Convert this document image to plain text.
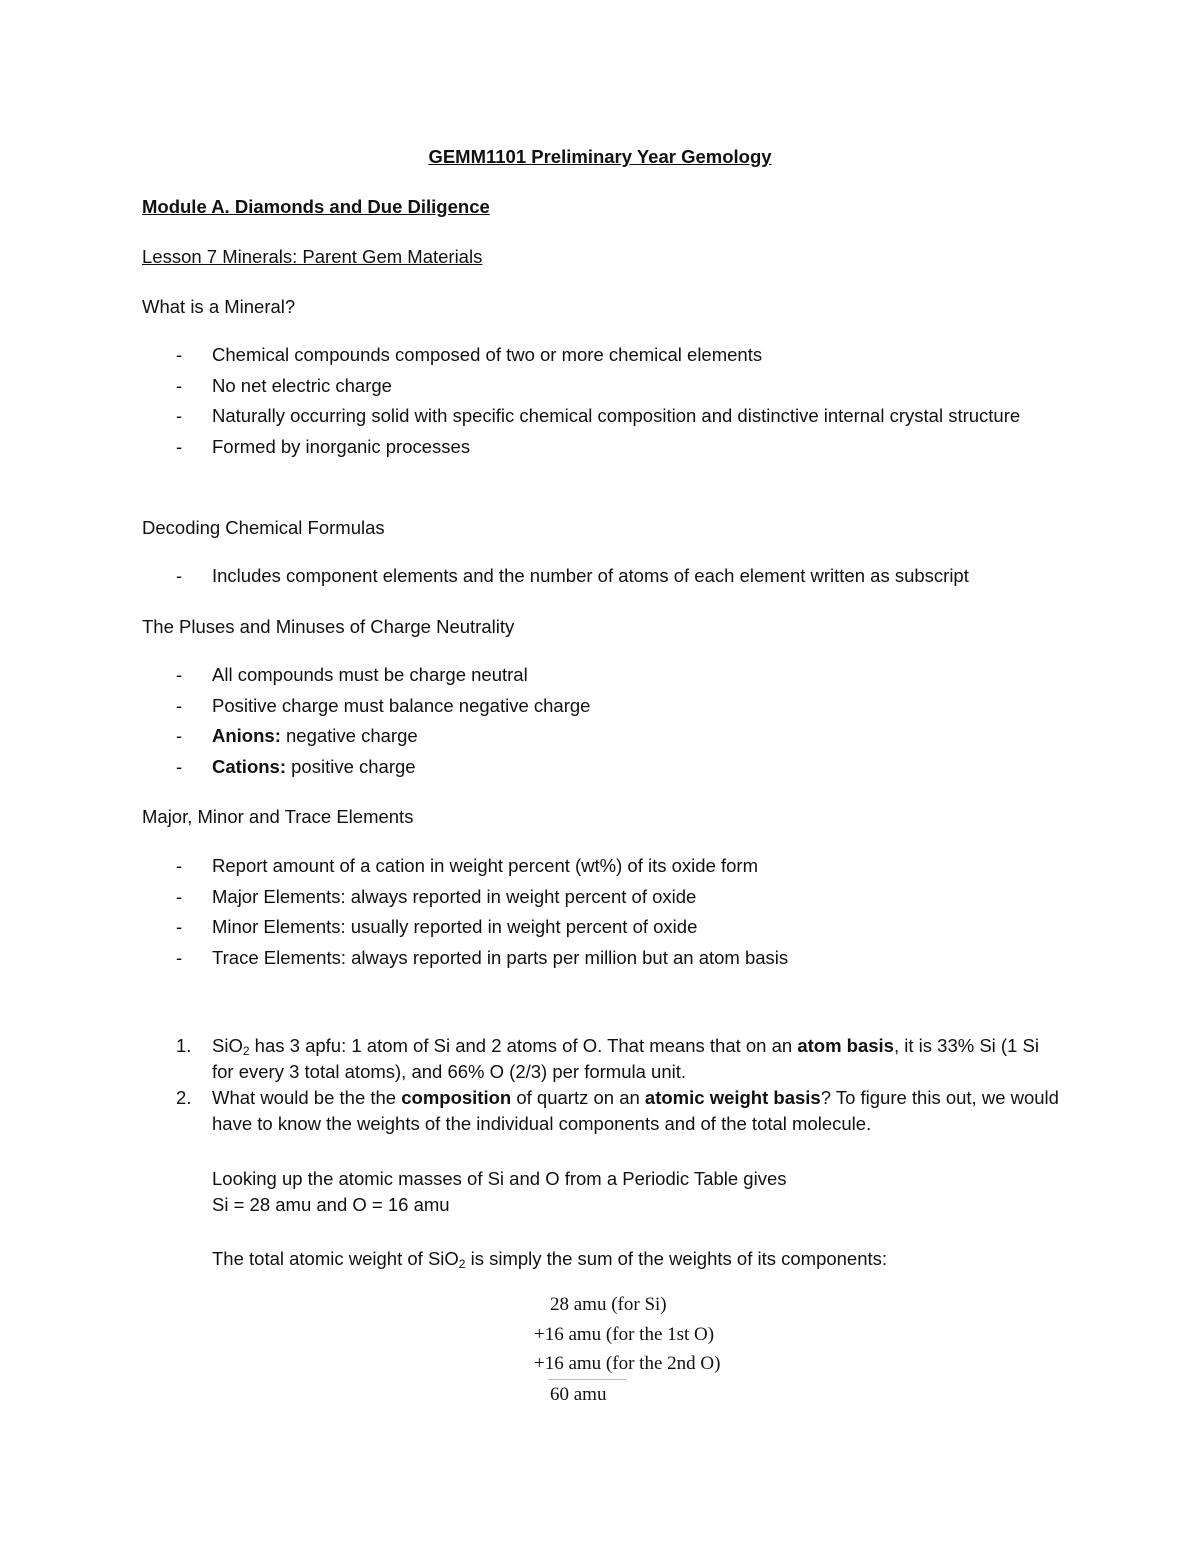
GEMM1101 Preliminary Year Gemology
Module A. Diamonds and Due Diligence
Lesson 7 Minerals: Parent Gem Materials
What is a Mineral?
- Chemical compounds composed of two or more chemical elements
- No net electric charge
- Naturally occurring solid with specific chemical composition and distinctive internal crystal structure
- Formed by inorganic processes
Decoding Chemical Formulas
- Includes component elements and the number of atoms of each element written as subscript
The Pluses and Minuses of Charge Neutrality
- All compounds must be charge neutral
- Positive charge must balance negative charge
- Anions: negative charge
- Cations: positive charge
Major, Minor and Trace Elements
- Report amount of a cation in weight percent (wt%) of its oxide form
- Major Elements: always reported in weight percent of oxide
- Minor Elements: usually reported in weight percent of oxide
- Trace Elements: always reported in parts per million but an atom basis
1. SiO$_2$ has 3 apfu: 1 atom of Si and 2 atoms of O. That means that on an atom basis, it is 33% Si (1 Si for every 3 total atoms), and 66% O (2/3) per formula unit.
2. What would be the the composition of quartz on an atomic weight basis? To figure this out, we would have to know the weights of the individual components and of the total molecule.
Looking up the atomic masses of Si and O from a Periodic Table gives
Si = 28 amu and O = 16 amu
The total atomic weight of SiO$_2$ is simply the sum of the weights of its components:
28 amu (for Si)
+16 amu (for the 1st O)
+16 amu (for the 2nd O)
60 amu
